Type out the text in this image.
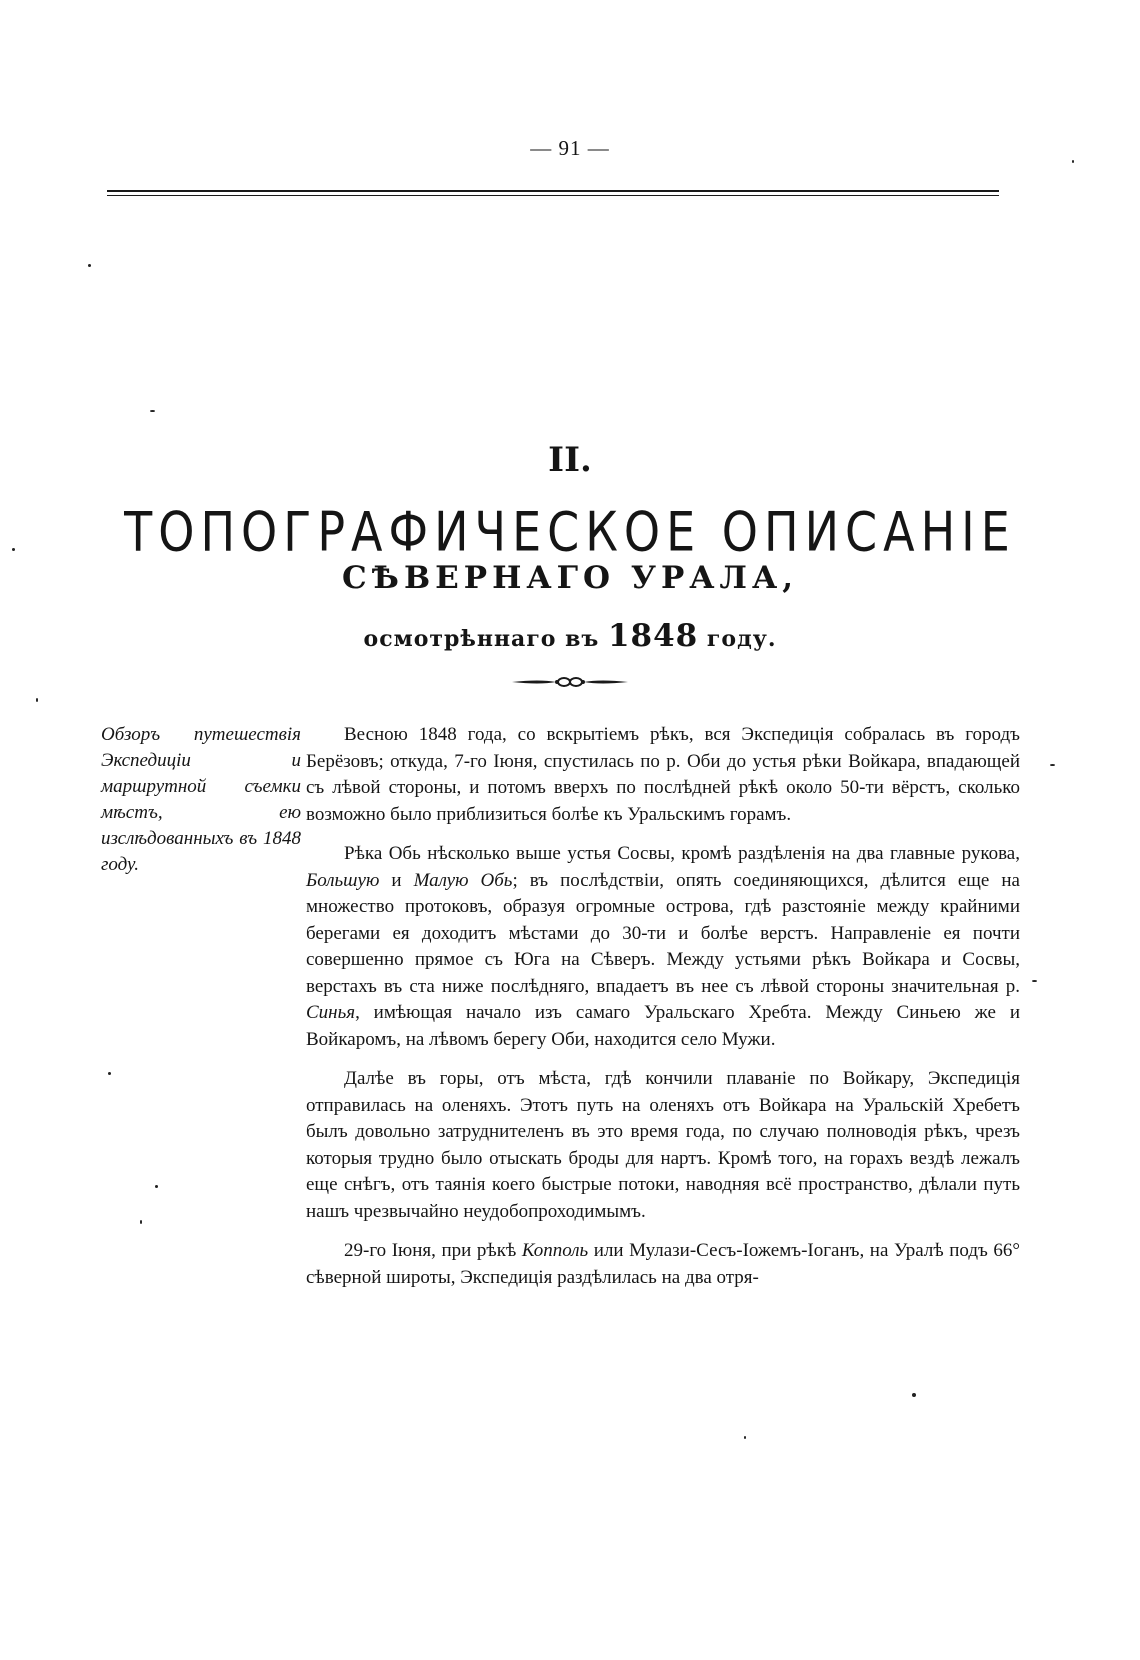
— 91 —
II.
ТОПОГРАФИЧЕСКОЕ ОПИСАНІЕ
СѢВЕРНАГО УРАЛА,
осмотрѣннаго въ 1848 году.
Обзоръ путешествія Экспедиціи и маршрутной съемки мѣстъ, ею изслѣдованныхъ въ 1848 году.

Весною 1848 года, со вскрытіемъ рѣкъ, вся Экспедиція собралась въ городъ Берёзовъ; откуда, 7-го Іюня, спустилась по р. Оби до устья рѣки Войкара, впадающей съ лѣвой стороны, и потомъ вверхъ по послѣдней рѣкѣ около 50-ти вёрстъ, сколько возможно было приблизиться болѣе къ Уральскимъ горамъ.

Рѣка Обь нѣсколько выше устья Сосвы, кромѣ раздѣленія на два главные рукова, Большую и Малую Обь; въ послѣдствіи, опять соединяющихся, дѣлится еще на множество протоковъ, образуя огромные острова, гдѣ разстояніе между крайними берегами ея доходитъ мѣстами до 30-ти и болѣе верстъ. Направленіе ея почти совершенно прямое съ Юга на Сѣверъ. Между устьями рѣкъ Войкара и Сосвы, верстахъ въ ста ниже послѣдняго, впадаетъ въ нее съ лѣвой стороны значительная р. Синья, имѣющая начало изъ самаго Уральскаго Хребта. Между Синьею же и Войкаромъ, на лѣвомъ берегу Оби, находится село Мужи.

Далѣе въ горы, отъ мѣста, гдѣ кончили плаваніе по Войкару, Экспедиція отправилась на оленяхъ. Этотъ путь на оленяхъ отъ Войкара на Уральскій Хребетъ былъ довольно затруднителенъ въ это время года, по случаю полноводія рѣкъ, чрезъ которыя трудно было отыскать броды для нартъ. Кромѣ того, на горахъ вездѣ лежалъ еще снѣгъ, отъ таянія коего быстрые потоки, наводняя всё пространство, дѣлали путь нашъ чрезвычайно неудобопроходимымъ.

29-го Іюня, при рѣкѣ Копполь или Мулази-Сесъ-Іожемъ-Іоганъ, на Уралѣ подъ 66° сѣверной широты, Экспедиція раздѣлилась на два отря-
